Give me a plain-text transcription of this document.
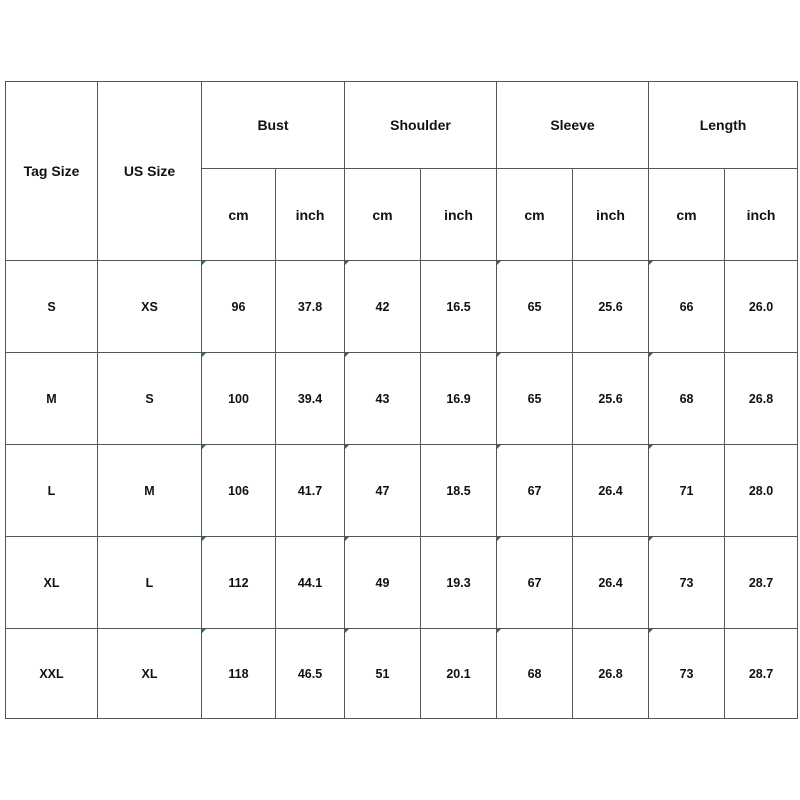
Tag Size	US Size	Bust		Shoulder		Sleeve		Length	
		cm	inch	cm	inch	cm	inch	cm	inch
S	XS	96	37.8	42	16.5	65	25.6	66	26.0
M	S	100	39.4	43	16.9	65	25.6	68	26.8
L	M	106	41.7	47	18.5	67	26.4	71	28.0
XL	L	112	44.1	49	19.3	67	26.4	73	28.7
XXL	XL	118	46.5	51	20.1	68	26.8	73	28.7
